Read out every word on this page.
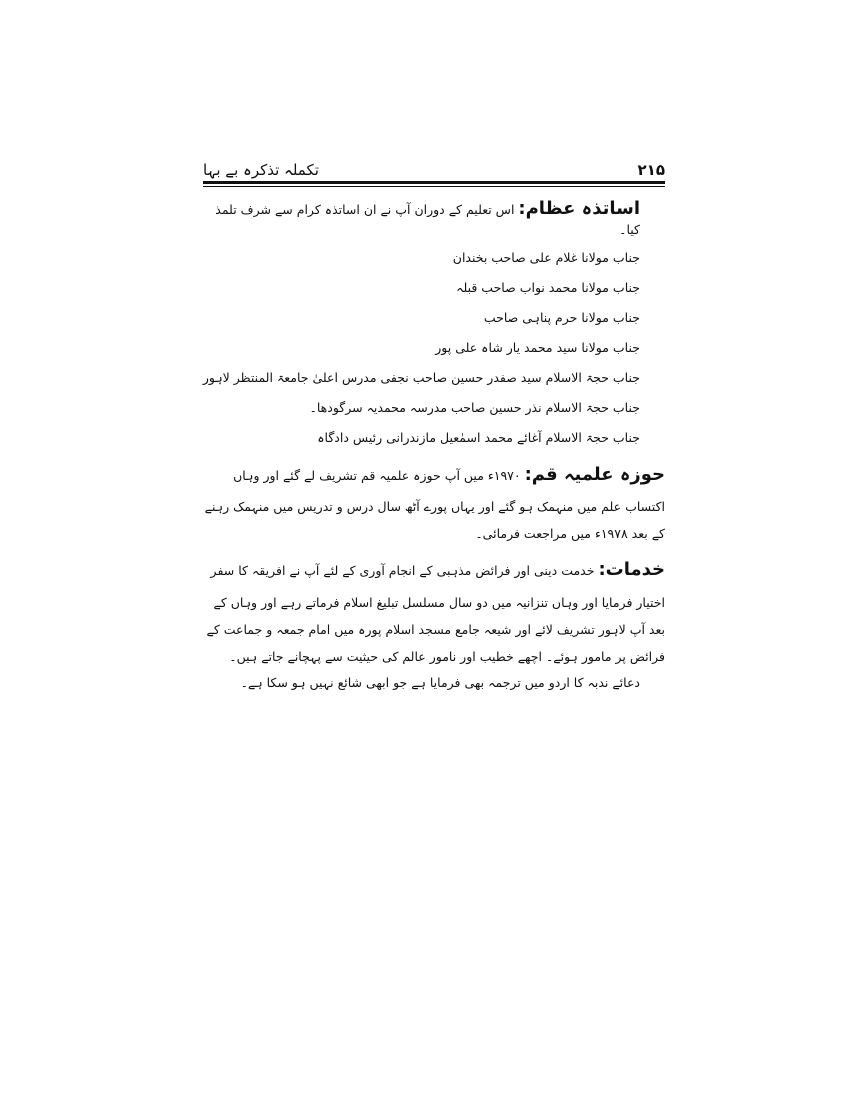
۲۱۵
تکملہ تذکرہ بے بہا

اساتذہ عظام: اس تعلیم کے دوران آپ نے ان اساتذہ کرام سے شرف تلمذ کیا۔

جناب مولانا غلام علی صاحب بخندان
جناب مولانا محمد نواب صاحب قبلہ
جناب مولانا حرم پناہی صاحب
جناب مولانا سید محمد یار شاہ علی پور
جناب حجۃ الاسلام سید صفدر حسین صاحب نجفی مدرس اعلیٰ جامعۃ المنتظر لاہور
جناب حجۃ الاسلام نذر حسین صاحب مدرسہ محمدیہ سرگودھا۔
جناب حجۃ الاسلام آغائے محمد اسمٰعیل مازندرانی رئیس دادگاہ

حوزہ علمیہ قم: ۱۹۷۰ء میں آپ حوزہ علمیہ قم تشریف لے گئے اور وہاں اکتساب علم میں منہمک ہو گئے اور یہاں پورے آٹھ سال درس و تدریس میں منہمک رہنے کے بعد ۱۹۷۸ء میں مراجعت فرمائی۔

خدمات: خدمت دینی اور فرائض مذہبی کے انجام آوری کے لئے آپ نے افریقہ کا سفر اختیار فرمایا اور وہاں تنزانیہ میں دو سال مسلسل تبلیغ اسلام فرماتے رہے اور وہاں کے بعد آپ لاہور تشریف لائے اور شیعہ جامع مسجد اسلام پورہ میں امام جمعہ و جماعت کے فرائض پر مامور ہوئے۔ اچھے خطیب اور نامور عالم کی حیثیت سے پہچانے جاتے ہیں۔

دعائے ندبہ کا اردو میں ترجمہ بھی فرمایا ہے جو ابھی شائع نہیں ہو سکا ہے۔
